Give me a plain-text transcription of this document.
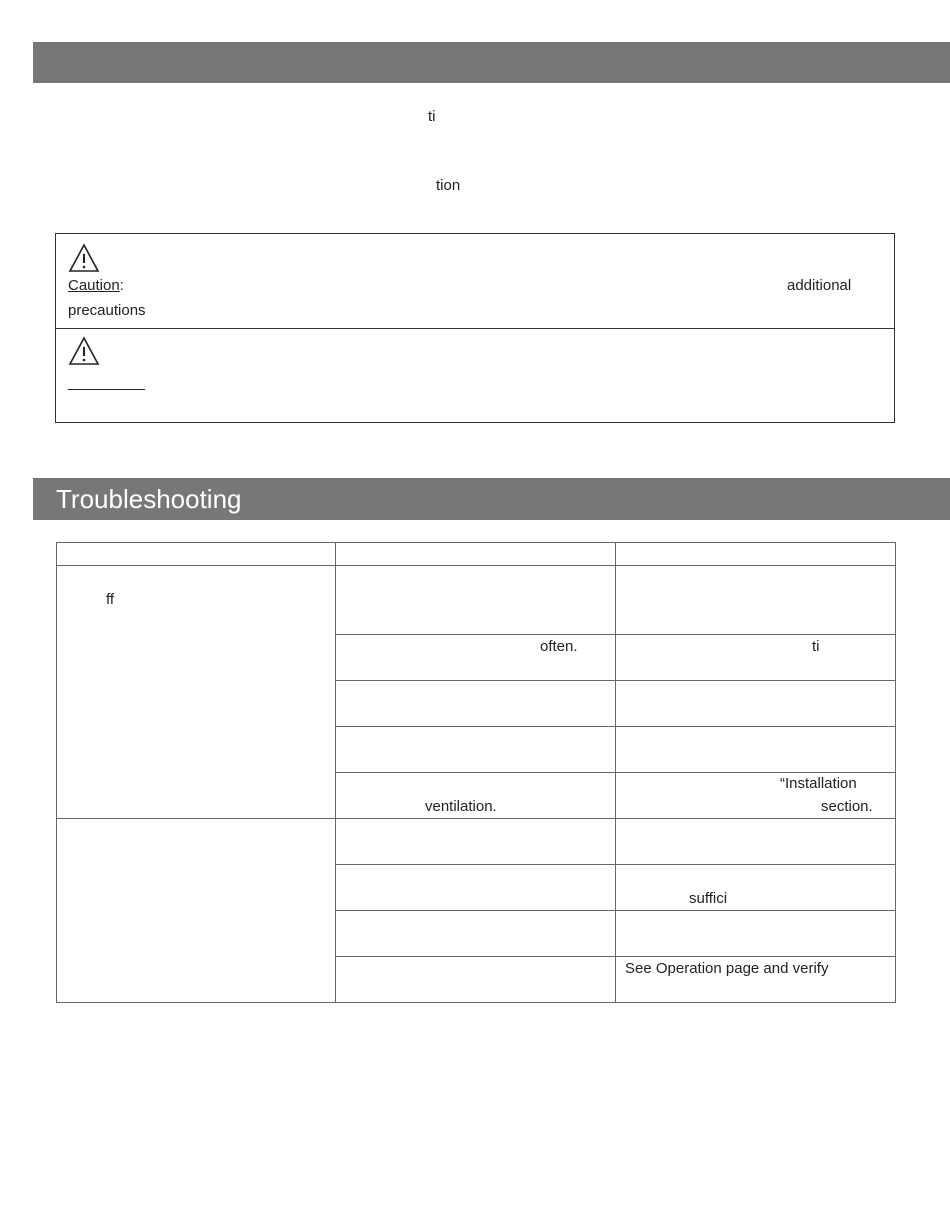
ti
tion
Caution:	additional
precautions
Troubleshooting

ff		

	often.	ti

	ventilation.	“Installation
section.

		suffici

		See Operation page and verify
